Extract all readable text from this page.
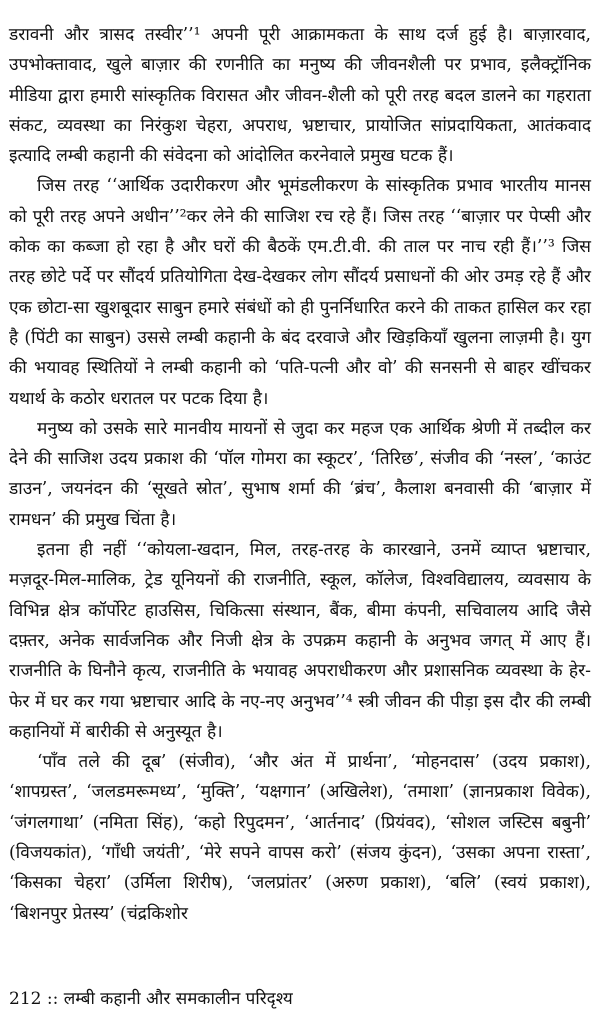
डरावनी और त्रासद तस्वीर’’¹ अपनी पूरी आक्रामकता के साथ दर्ज हुई है। बाज़ारवाद, उपभोक्तावाद, खुले बाज़ार की रणनीति का मनुष्य की जीवनशैली पर प्रभाव, इलैक्ट्रॉनिक मीडिया द्वारा हमारी सांस्कृतिक विरासत और जीवन-शैली को पूरी तरह बदल डालने का गहराता संकट, व्यवस्था का निरंकुश चेहरा, अपराध, भ्रष्टाचार, प्रायोजित सांप्रदायिकता, आतंकवाद इत्यादि लम्बी कहानी की संवेदना को आंदोलित करनेवाले प्रमुख घटक हैं।

जिस तरह ‘‘आर्थिक उदारीकरण और भूमंडलीकरण के सांस्कृतिक प्रभाव भारतीय मानस को पूरी तरह अपने अधीन’’²कर लेने की साजिश रच रहे हैं। जिस तरह ‘‘बाज़ार पर पेप्सी और कोक का कब्जा हो रहा है और घरों की बैठकें एम.टी.वी. की ताल पर नाच रही हैं।’’³ जिस तरह छोटे पर्दे पर सौंदर्य प्रतियोगिता देख-देखकर लोग सौंदर्य प्रसाधनों की ओर उमड़ रहे हैं और एक छोटा-सा खुशबूदार साबुन हमारे संबंधों को ही पुनर्निधारित करने की ताकत हासिल कर रहा है (पिंटी का साबुन) उससे लम्बी कहानी के बंद दरवाजे और खिड़कियाँ खुलना लाज़मी है। युग की भयावह स्थितियों ने लम्बी कहानी को ‘पति-पत्नी और वो’ की सनसनी से बाहर खींचकर यथार्थ के कठोर धरातल पर पटक दिया है।

मनुष्य को उसके सारे मानवीय मायनों से जुदा कर महज एक आर्थिक श्रेणी में तब्दील कर देने की साजिश उदय प्रकाश की ‘पॉल गोमरा का स्कूटर’, ‘तिरिछ’, संजीव की ‘नस्ल’, ‘काउंट डाउन’, जयनंदन की ‘सूखते स्रोत’, सुभाष शर्मा की ‘ब्रंच’, कैलाश बनवासी की ‘बाज़ार में रामधन’ की प्रमुख चिंता है।

इतना ही नहीं ‘‘कोयला-खदान, मिल, तरह-तरह के कारखाने, उनमें व्याप्त भ्रष्टाचार, मज़दूर-मिल-मालिक, ट्रेड यूनियनों की राजनीति, स्कूल, कॉलेज, विश्वविद्यालय, व्यवसाय के विभिन्न क्षेत्र कॉर्पोरेट हाउसिस, चिकित्सा संस्थान, बैंक, बीमा कंपनी, सचिवालय आदि जैसे दफ़्तर, अनेक सार्वजनिक और निजी क्षेत्र के उपक्रम कहानी के अनुभव जगत् में आए हैं। राजनीति के घिनौने कृत्य, राजनीति के भयावह अपराधीकरण और प्रशासनिक व्यवस्था के हेर-फेर में घर कर गया भ्रष्टाचार आदि के नए-नए अनुभव’’⁴ स्त्री जीवन की पीड़ा इस दौर की लम्बी कहानियों में बारीकी से अनुस्यूत है।

‘पाँव तले की दूब’ (संजीव), ‘और अंत में प्रार्थना’, ‘मोहनदास’ (उदय प्रकाश), ‘शापग्रस्त’, ‘जलडमरूमध्य’, ‘मुक्ति’, ‘यक्षगान’ (अखिलेश), ‘तमाशा’ (ज्ञानप्रकाश विवेक), ‘जंगलगाथा’ (नमिता सिंह), ‘कहो रिपुदमन’, ‘आर्तनाद’ (प्रियंवद), ‘सोशल जस्टिस बबुनी’ (विजयकांत), ‘गाँधी जयंती’, ‘मेरे सपने वापस करो’ (संजय कुंदन), ‘उसका अपना रास्ता’, ‘किसका चेहरा’ (उर्मिला शिरीष), ‘जलप्रांतर’ (अरुण प्रकाश), ‘बलि’ (स्वयं प्रकाश), ‘बिशनपुर प्रेतस्य’ (चंद्रकिशोर

212 :: लम्बी कहानी और समकालीन परिदृश्य
